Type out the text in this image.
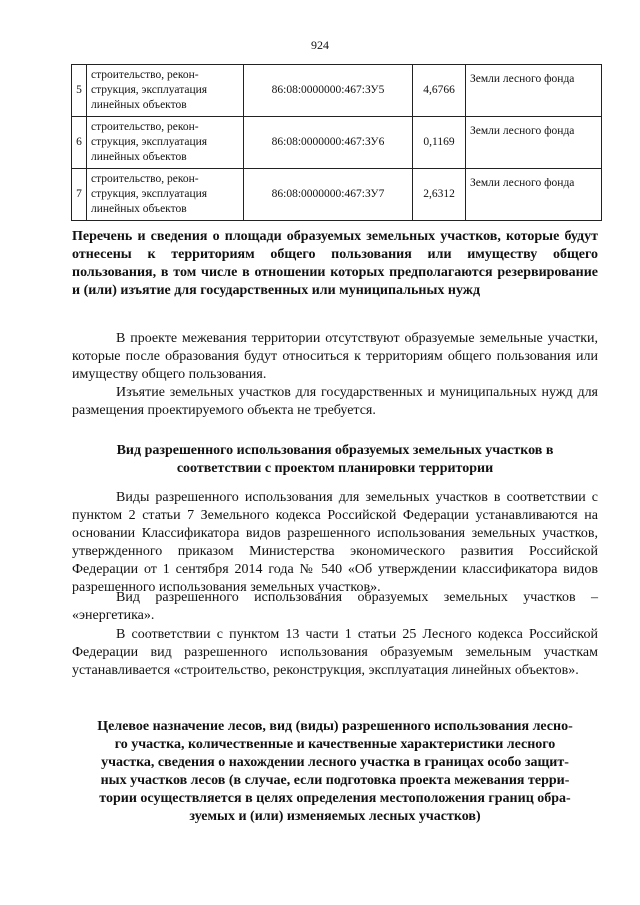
924
5	строительство, рекон-
струкция, эксплуатация
линейных объектов	86:08:0000000:467:ЗУ5	4,6766	Земли лесного фонда
6	строительство, рекон-
струкция, эксплуатация
линейных объектов	86:08:0000000:467:ЗУ6	0,1169	Земли лесного фонда
7	строительство, рекон-
струкция, эксплуатация
линейных объектов	86:08:0000000:467:ЗУ7	2,6312	Земли лесного фонда
Перечень и сведения о площади образуемых земельных участков, которые будут отнесены к территориям общего пользования или имуществу общего пользования, в том числе в отношении которых предполагаются резервирование и (или) изъятие для государственных или муниципальных нужд

В проекте межевания территории отсутствуют образуемые земельные участки, которые после образования будут относиться к территориям общего пользования или имуществу общего пользования.

Изъятие земельных участков для государственных и муниципальных нужд для размещения проектируемого объекта не требуется.

Вид разрешенного использования образуемых земельных участков в
соответствии с проектом планировки территории

Виды разрешенного использования для земельных участков в соответствии с пунктом 2 статьи 7 Земельного кодекса Российской Федерации устанавливаются на основании Классификатора видов разрешенного использования земельных участков, утвержденного приказом Министерства экономического развития Российской Федерации от 1 сентября 2014 года № 540 «Об утверждении классификатора видов разрешенного использования земельных участков».

Вид разрешенного использования образуемых земельных участков – «энергетика».

В соответствии с пунктом 13 части 1 статьи 25 Лесного кодекса Российской Федерации вид разрешенного использования образуемым земельным участкам устанавливается «строительство, реконструкция, эксплуатация линейных объектов».

Целевое назначение лесов, вид (виды) разрешенного использования лесно-
го участка, количественные и качественные характеристики лесного
участка, сведения о нахождении лесного участка в границах особо защит-
ных участков лесов (в случае, если подготовка проекта межевания терри-
тории осуществляется в целях определения местоположения границ обра-
зуемых и (или) изменяемых лесных участков)
